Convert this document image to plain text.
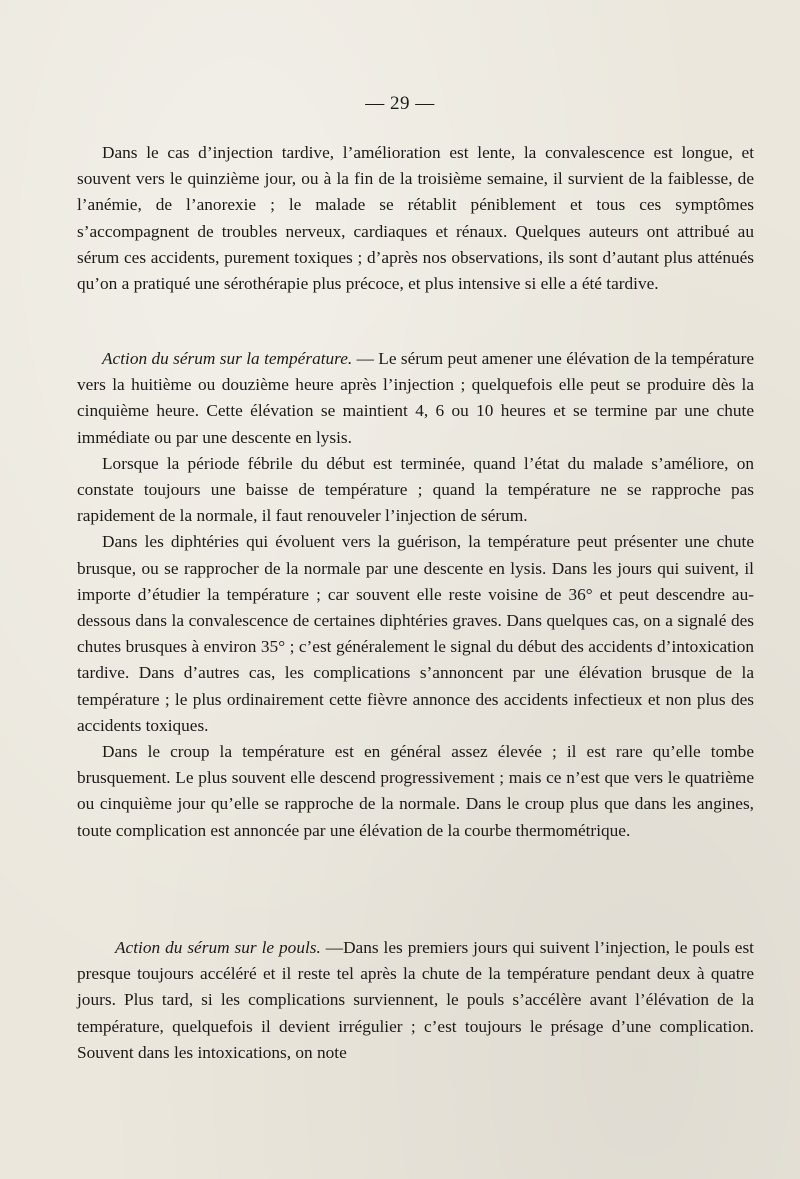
— 29 —

Dans le cas d’injection tardive, l’amélioration est lente, la convalescence est longue, et souvent vers le quinzième jour, ou à la fin de la troisième semaine, il survient de la faiblesse, de l’anémie, de l’anorexie ; le malade se rétablit péniblement et tous ces symptômes s’accompagnent de troubles nerveux, cardiaques et rénaux. Quelques auteurs ont attribué au sérum ces accidents, purement toxiques ; d’après nos observations, ils sont d’autant plus atténués qu’on a pratiqué une sérothérapie plus précoce, et plus intensive si elle a été tardive.

Action du sérum sur la température. — Le sérum peut amener une élévation de la température vers la huitième ou douzième heure après l’injection ; quelquefois elle peut se produire dès la cinquième heure. Cette élévation se maintient 4, 6 ou 10 heures et se termine par une chute immédiate ou par une descente en lysis.

Lorsque la période fébrile du début est terminée, quand l’état du malade s’améliore, on constate toujours une baisse de température ; quand la température ne se rapproche pas rapidement de la normale, il faut renouveler l’injection de sérum.

Dans les diphtéries qui évoluent vers la guérison, la température peut présenter une chute brusque, ou se rapprocher de la normale par une descente en lysis. Dans les jours qui suivent, il importe d’étudier la température ; car souvent elle reste voisine de 36° et peut descendre au-dessous dans la convalescence de certaines diphtéries graves. Dans quelques cas, on a signalé des chutes brusques à environ 35° ; c’est généralement le signal du début des accidents d’intoxication tardive. Dans d’autres cas, les complications s’annoncent par une élévation brusque de la température ; le plus ordinairement cette fièvre annonce des accidents infectieux et non plus des accidents toxiques.

Dans le croup la température est en général assez élevée ; il est rare qu’elle tombe brusquement. Le plus souvent elle descend progressivement ; mais ce n’est que vers le quatrième ou cinquième jour qu’elle se rapproche de la normale. Dans le croup plus que dans les angines, toute complication est annoncée par une élévation de la courbe thermométrique.

Action du sérum sur le pouls. —Dans les premiers jours qui suivent l’injection, le pouls est presque toujours accéléré et il reste tel après la chute de la température pendant deux à quatre jours. Plus tard, si les complications surviennent, le pouls s’accélère avant l’élévation de la température, quelquefois il devient irrégulier ; c’est toujours le présage d’une complication. Souvent dans les intoxications, on note
